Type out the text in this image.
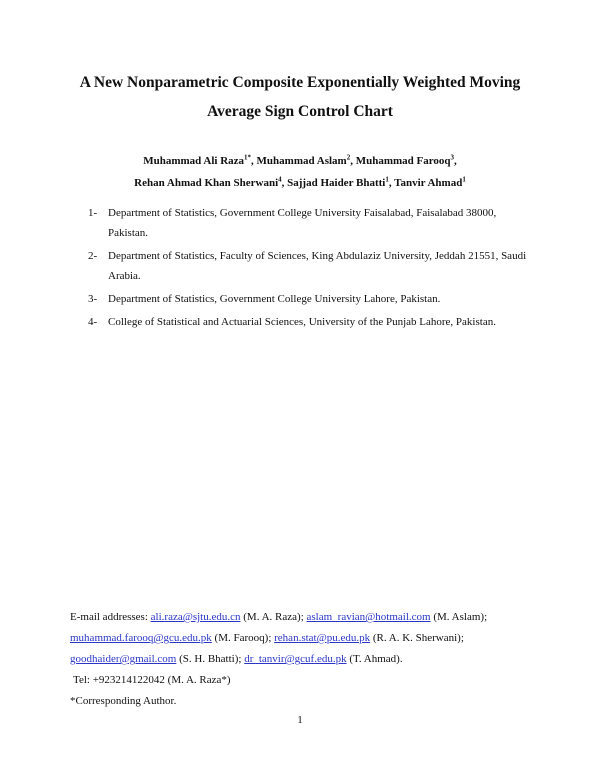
A New Nonparametric Composite Exponentially Weighted Moving
Average Sign Control Chart
Muhammad Ali Raza$^{1*}$, Muhammad Aslam$^2$, Muhammad Farooq$^3$,
Rehan Ahmad Khan Sherwani$^4$, Sajjad Haider Bhatti$^1$, Tanvir Ahmad$^1$
1- Department of Statistics, Government College University Faisalabad, Faisalabad 38000, Pakistan.
2- Department of Statistics, Faculty of Sciences, King Abdulaziz University, Jeddah 21551, Saudi Arabia.
3- Department of Statistics, Government College University Lahore, Pakistan.
4- College of Statistical and Actuarial Sciences, University of the Punjab Lahore, Pakistan.
E-mail addresses: ali.raza@sjtu.edu.cn (M. A. Raza); aslam_ravian@hotmail.com (M. Aslam);
muhammad.farooq@gcu.edu.pk (M. Farooq); rehan.stat@pu.edu.pk (R. A. K. Sherwani);
goodhaider@gmail.com (S. H. Bhatti); dr_tanvir@gcuf.edu.pk (T. Ahmad).
Tel: +923214122042 (M. A. Raza*)
*Corresponding Author.
1
